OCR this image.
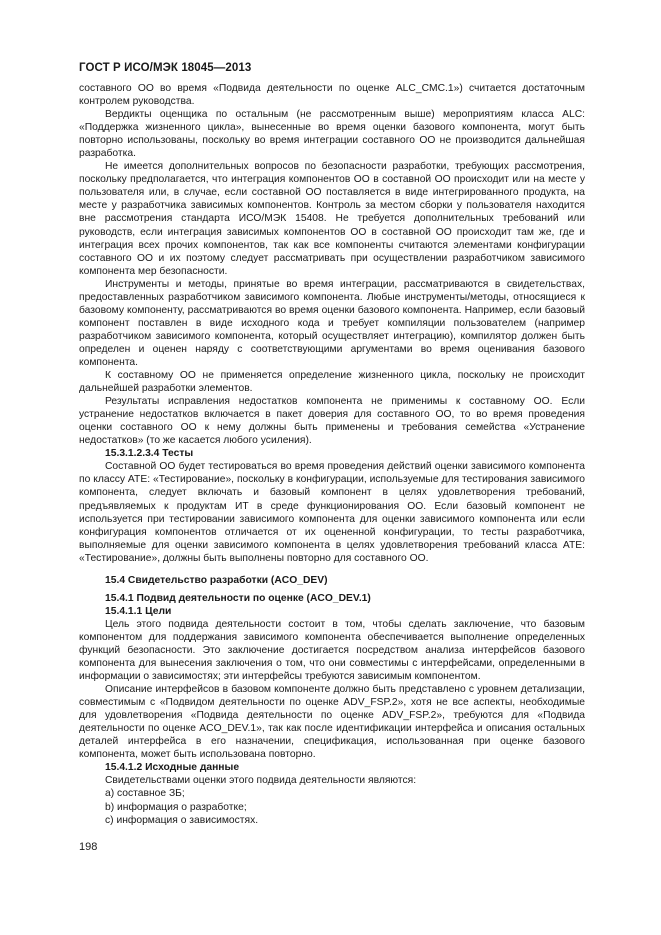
ГОСТ Р ИСО/МЭК 18045—2013

составного ОО во время «Подвида деятельности по оценке ALC_CMC.1») считается достаточным контролем руководства.

Вердикты оценщика по остальным (не рассмотренным выше) мероприятиям класса ALC: «Поддержка жизненного цикла», вынесенные во время оценки базового компонента, могут быть повторно использованы, поскольку во время интеграции составного ОО не производится дальнейшая разработка.

Не имеется дополнительных вопросов по безопасности разработки, требующих рассмотрения, поскольку предполагается, что интеграция компонентов ОО в составной ОО происходит или на месте у пользователя или, в случае, если составной ОО поставляется в виде интегрированного продукта, на месте у разработчика зависимых компонентов. Контроль за местом сборки у пользователя находится вне рассмотрения стандарта ИСО/МЭК 15408. Не требуется дополнительных требований или руководств, если интеграция зависимых компонентов ОО в составной ОО происходит там же, где и интеграция всех прочих компонентов, так как все компоненты считаются элементами конфигурации составного ОО и их поэтому следует рассматривать при осуществлении разработчиком зависимого компонента мер безопасности.

Инструменты и методы, принятые во время интеграции, рассматриваются в свидетельствах, предоставленных разработчиком зависимого компонента. Любые инструменты/методы, относящиеся к базовому компоненту, рассматриваются во время оценки базового компонента. Например, если базовый компонент поставлен в виде исходного кода и требует компиляции пользователем (например разработчиком зависимого компонента, который осуществляет интеграцию), компилятор должен быть определен и оценен наряду с соответствующими аргументами во время оценивания базового компонента.

К составному ОО не применяется определение жизненного цикла, поскольку не происходит дальнейшей разработки элементов.

Результаты исправления недостатков компонента не применимы к составному ОО. Если устранение недостатков включается в пакет доверия для составного ОО, то во время проведения оценки составного ОО к нему должны быть применены и требования семейства «Устранение недостатков» (то же касается любого усиления).

15.3.1.2.3.4 Тесты

Составной ОО будет тестироваться во время проведения действий оценки зависимого компонента по классу ATE: «Тестирование», поскольку в конфигурации, используемые для тестирования зависимого компонента, следует включать и базовый компонент в целях удовлетворения требований, предъявляемых к продуктам ИТ в среде функционирования ОО. Если базовый компонент не используется при тестировании зависимого компонента для оценки зависимого компонента или если конфигурация компонентов отличается от их оцененной конфигурации, то тесты разработчика, выполняемые для оценки зависимого компонента в целях удовлетворения требований класса ATE: «Тестирование», должны быть выполнены повторно для составного ОО.

15.4 Свидетельство разработки (ACO_DEV)

15.4.1 Подвид деятельности по оценке (ACO_DEV.1)

15.4.1.1 Цели

Цель этого подвида деятельности состоит в том, чтобы сделать заключение, что базовым компонентом для поддержания зависимого компонента обеспечивается выполнение определенных функций безопасности. Это заключение достигается посредством анализа интерфейсов базового компонента для вынесения заключения о том, что они совместимы с интерфейсами, определенными в информации о зависимостях; эти интерфейсы требуются зависимым компонентом.

Описание интерфейсов в базовом компоненте должно быть представлено с уровнем детализации, совместимым с «Подвидом деятельности по оценке ADV_FSP.2», хотя не все аспекты, необходимые для удовлетворения «Подвида деятельности по оценке ADV_FSP.2», требуются для «Подвида деятельности по оценке ACO_DEV.1», так как после идентификации интерфейса и описания остальных деталей интерфейса в его назначении, спецификация, использованная при оценке базового компонента, может быть использована повторно.

15.4.1.2 Исходные данные

Свидетельствами оценки этого подвида деятельности являются:

a) составное ЗБ;

b) информация о разработке;

c) информация о зависимостях.

198
